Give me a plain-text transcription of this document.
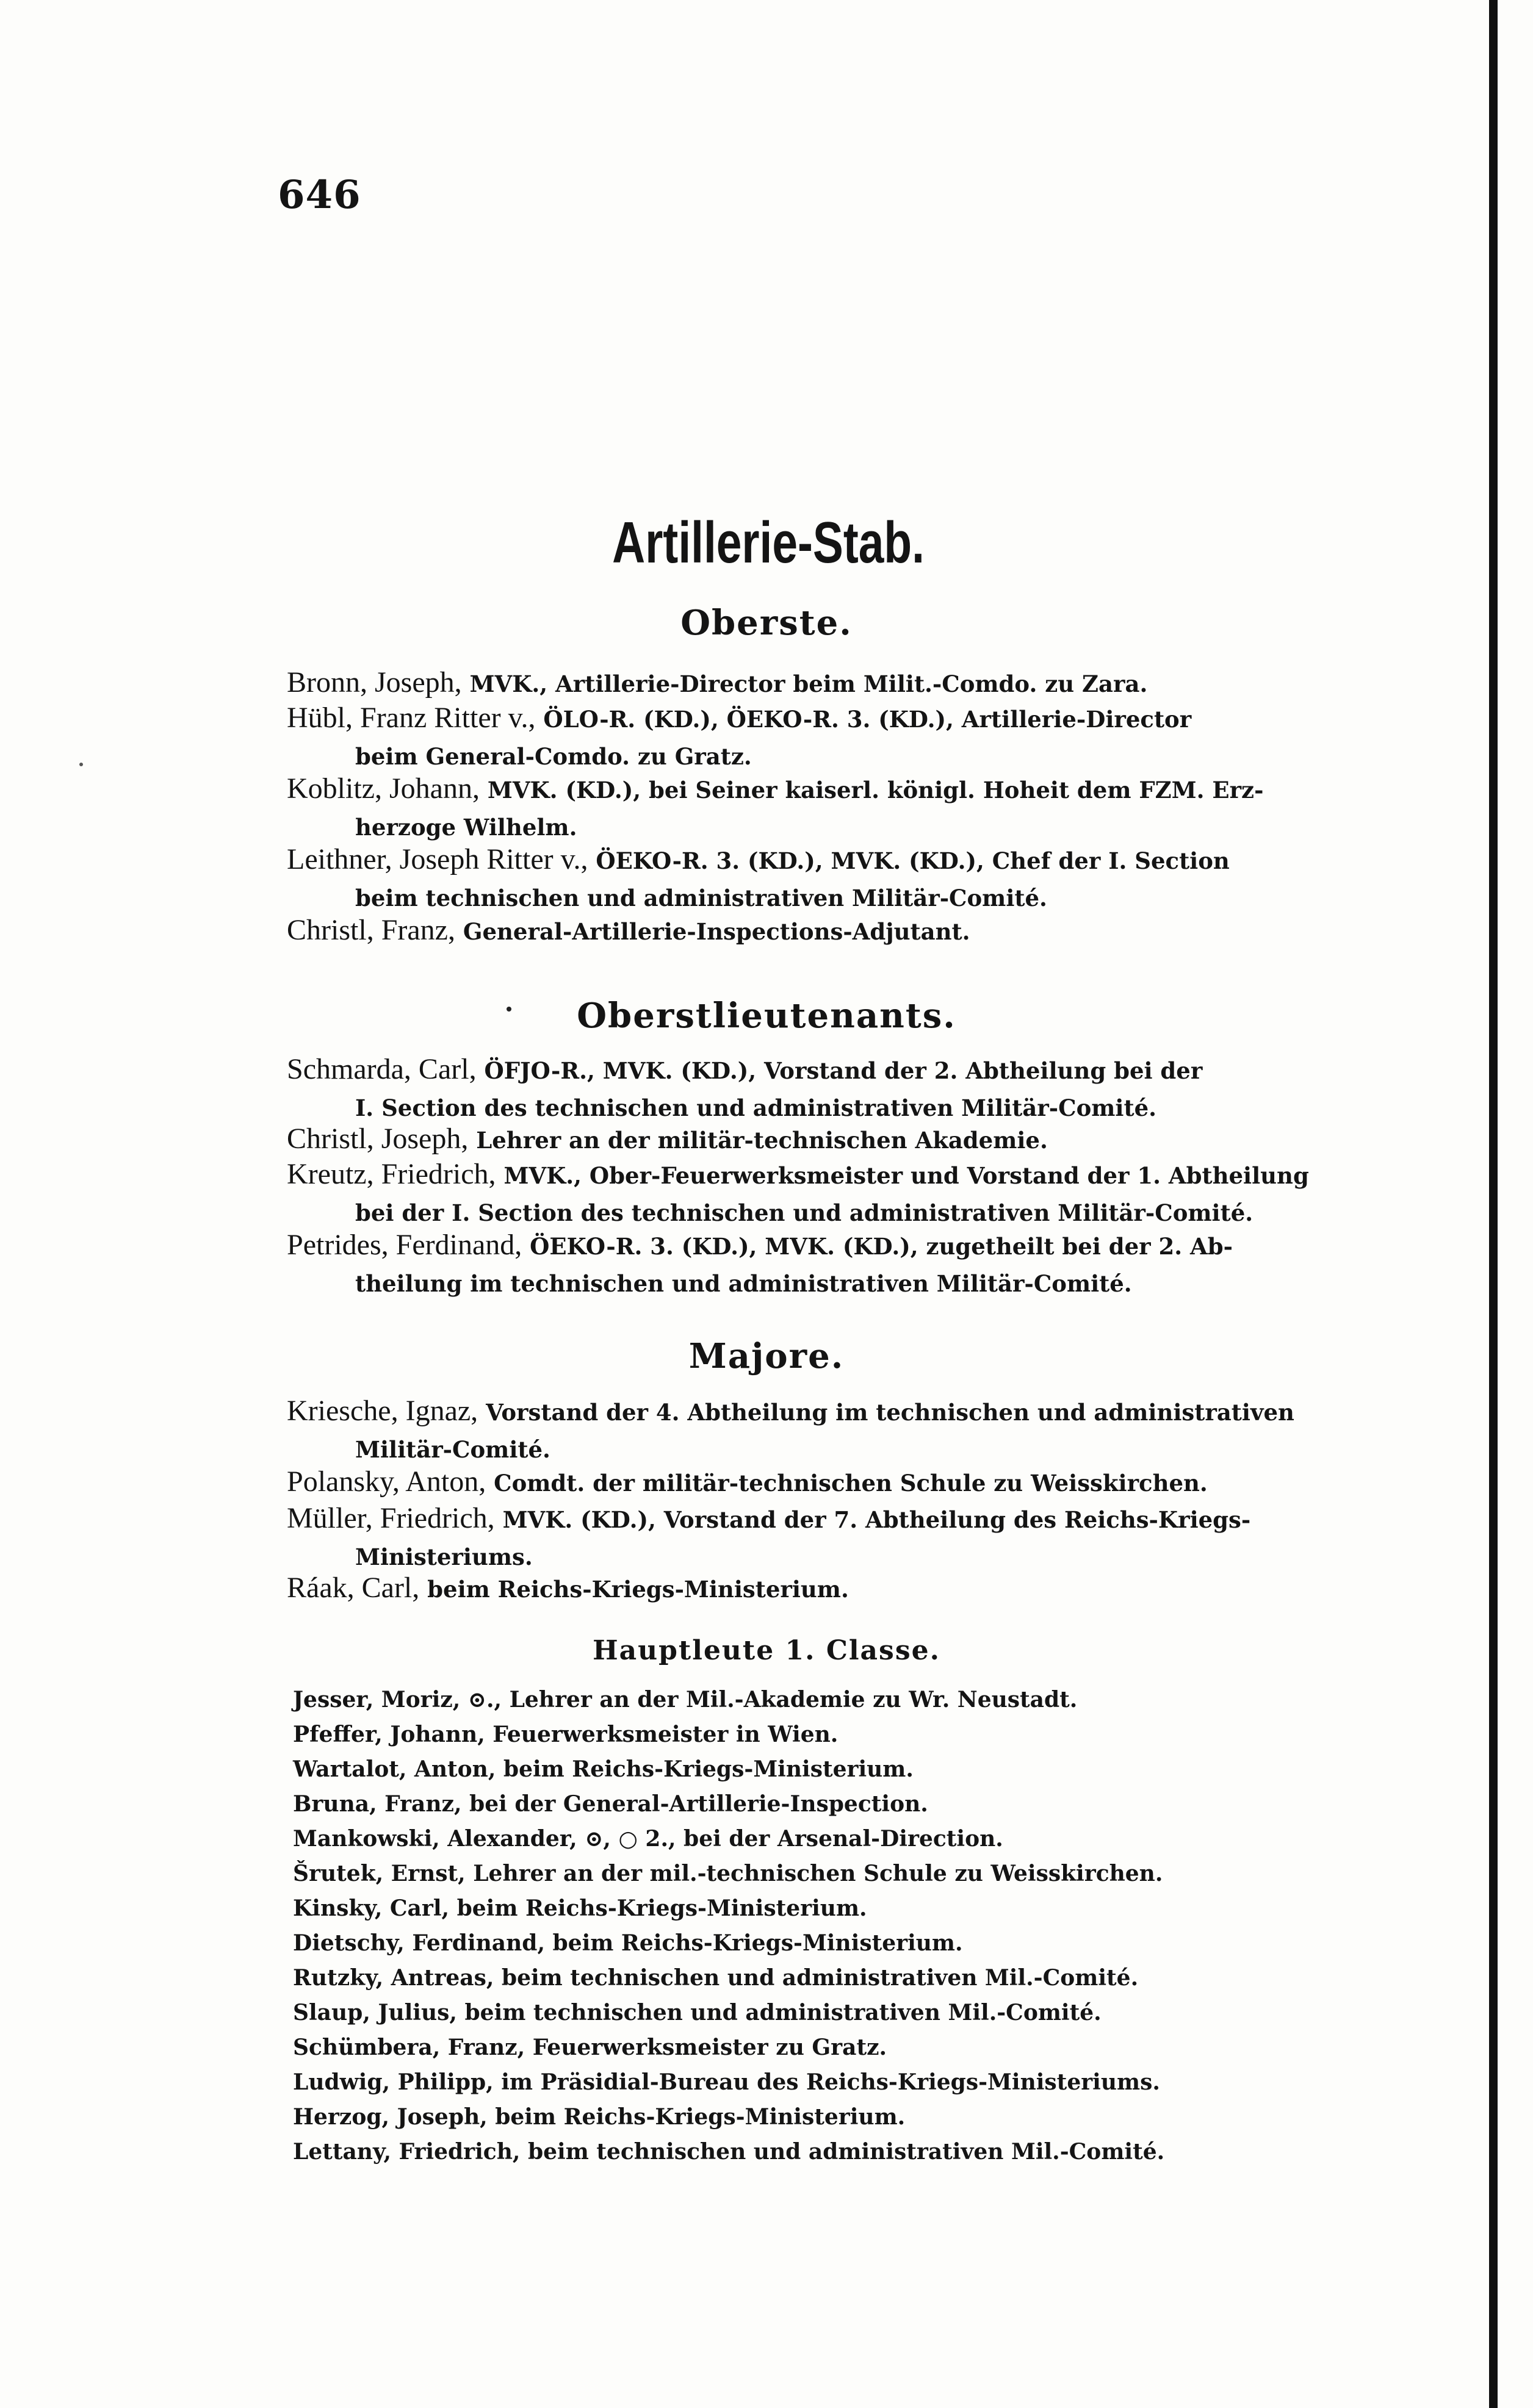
646
Artillerie-Stab.
Oberste.
Bronn, Joseph, MVK., Artillerie-Director beim Milit.-Comdo. zu Zara.
Hübl, Franz Ritter v., ÖLO-R. (KD.), ÖEKO-R. 3. (KD.), Artillerie-Director
beim General-Comdo. zu Gratz.
Koblitz, Johann, MVK. (KD.), bei Seiner kaiserl. königl. Hoheit dem FZM. Erz-
herzoge Wilhelm.
Leithner, Joseph Ritter v., ÖEKO-R. 3. (KD.), MVK. (KD.), Chef der I. Section
beim technischen und administrativen Militär-Comité.
Christl, Franz, General-Artillerie-Inspections-Adjutant.
Oberstlieutenants.
Schmarda, Carl, ÖFJO-R., MVK. (KD.), Vorstand der 2. Abtheilung bei der
I. Section des technischen und administrativen Militär-Comité.
Christl, Joseph, Lehrer an der militär-technischen Akademie.
Kreutz, Friedrich, MVK., Ober-Feuerwerksmeister und Vorstand der 1. Abtheilung
bei der I. Section des technischen und administrativen Militär-Comité.
Petrides, Ferdinand, ÖEKO-R. 3. (KD.), MVK. (KD.), zugetheilt bei der 2. Ab-
theilung im technischen und administrativen Militär-Comité.
Majore.
Kriesche, Ignaz, Vorstand der 4. Abtheilung im technischen und administrativen
Militär-Comité.
Polansky, Anton, Comdt. der militär-technischen Schule zu Weisskirchen.
Müller, Friedrich, MVK. (KD.), Vorstand der 7. Abtheilung des Reichs-Kriegs-
Ministeriums.
Ráak, Carl, beim Reichs-Kriegs-Ministerium.
Hauptleute 1. Classe.
Jesser, Moriz, ⊙., Lehrer an der Mil.-Akademie zu Wr. Neustadt.
Pfeffer, Johann, Feuerwerksmeister in Wien.
Wartalot, Anton, beim Reichs-Kriegs-Ministerium.
Bruna, Franz, bei der General-Artillerie-Inspection.
Mankowski, Alexander, ⊙, ○ 2., bei der Arsenal-Direction.
Šrutek, Ernst, Lehrer an der mil.-technischen Schule zu Weisskirchen.
Kinsky, Carl, beim Reichs-Kriegs-Ministerium.
Dietschy, Ferdinand, beim Reichs-Kriegs-Ministerium.
Rutzky, Antreas, beim technischen und administrativen Mil.-Comité.
Slaup, Julius, beim technischen und administrativen Mil.-Comité.
Schümbera, Franz, Feuerwerksmeister zu Gratz.
Ludwig, Philipp, im Präsidial-Bureau des Reichs-Kriegs-Ministeriums.
Herzog, Joseph, beim Reichs-Kriegs-Ministerium.
Lettany, Friedrich, beim technischen und administrativen Mil.-Comité.
